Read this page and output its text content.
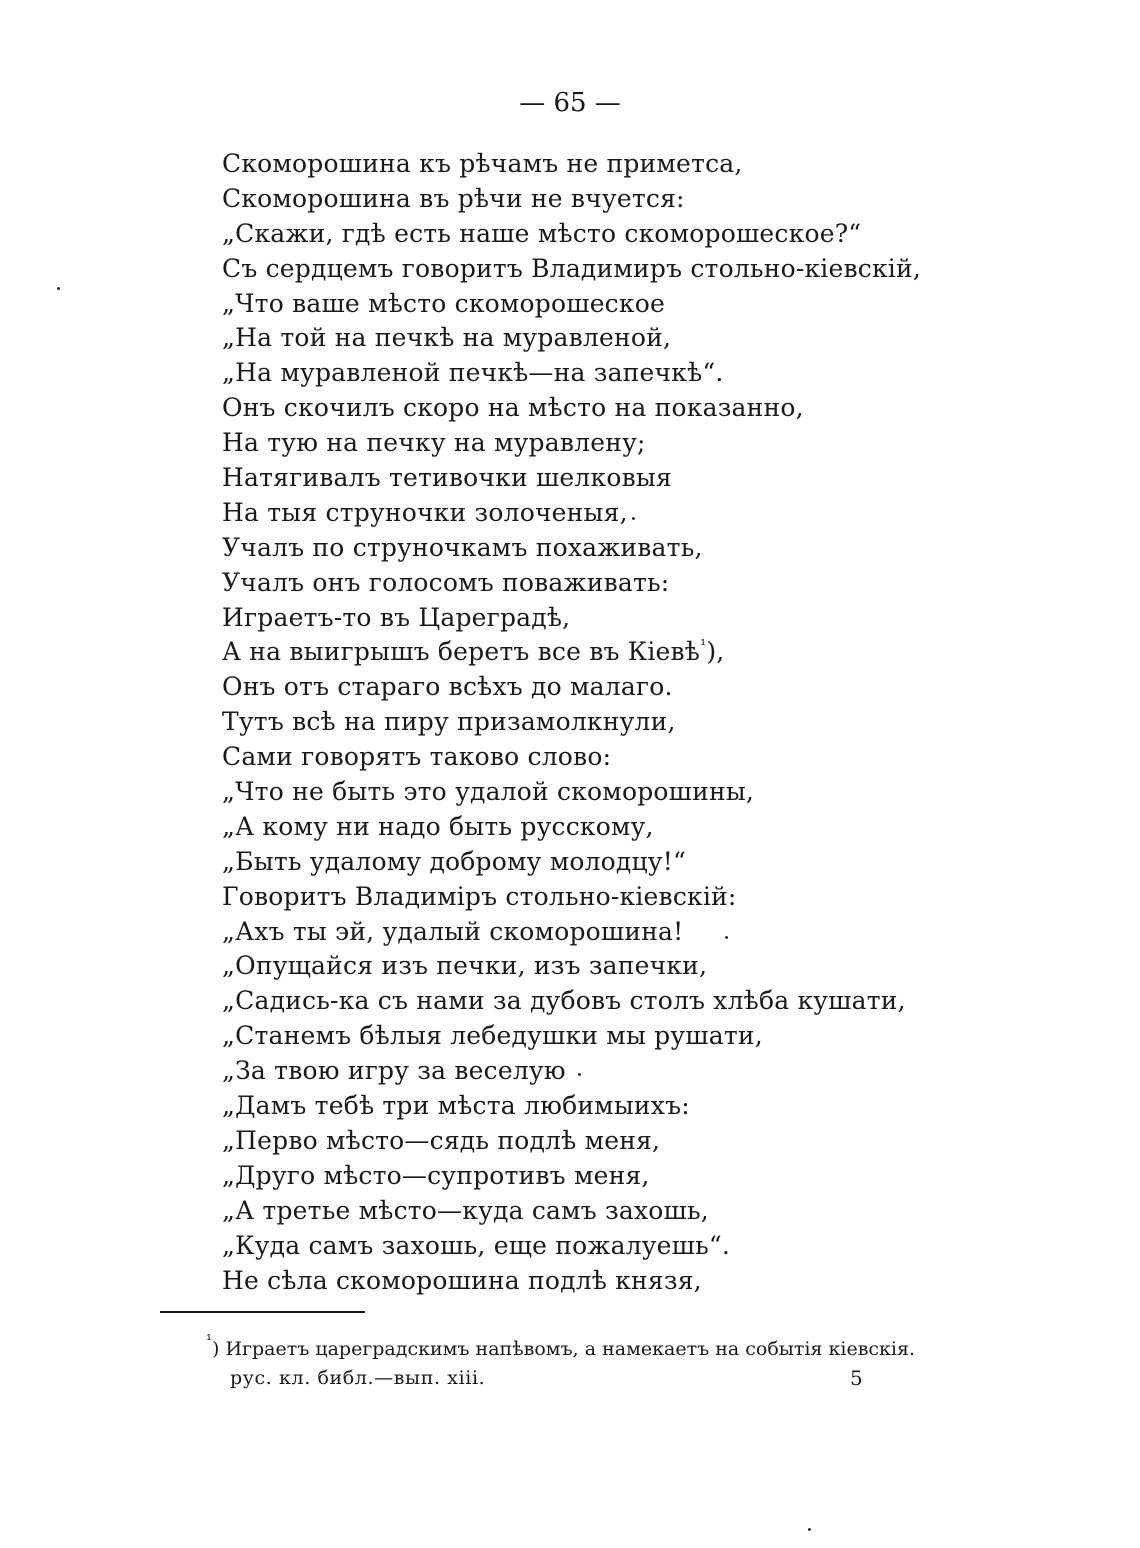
— 65 —
Скоморошина къ рѣчамъ не приметса,
Скоморошина въ рѣчи не вчуется:
„Скажи, гдѣ есть наше мѣсто скоморошеское?“
Съ сердцемъ говоритъ Владимиръ стольно-кіевскій,
„Что ваше мѣсто скоморошеское
„На той на печкѣ на муравленой,
„На муравленой печкѣ—на запечкѣ“.
Онъ скочилъ скоро на мѣсто на показанно,
На тую на печку на муравлену;
Натягивалъ тетивочки шелковыя
На тыя струночки золоченыя,
Учалъ по струночкамъ похаживать,
Учалъ онъ голосомъ поваживать:
Играетъ-то въ Цареградѣ,
А на выигрышъ беретъ все въ Кіевѣ$^{^1}$),
Онъ отъ стараго всѣхъ до малаго.
Тутъ всѣ на пиру призамолкнули,
Сами говорятъ таково слово:
„Что не быть это удалой скоморошины,
„А кому ни надо быть русскому,
„Быть удалому доброму молодцу!“
Говоритъ Владиміръ стольно-кіевскій:
„Ахъ ты эй, удалый скоморошина!
„Опущайся изъ печки, изъ запечки,
„Садись-ка съ нами за дубовъ столъ хлѣба кушати,
„Станемъ бѣлыя лебедушки мы рушати,
„За твою игру за веселую
„Дамъ тебѣ три мѣста любимыихъ:
„Перво мѣсто—сядь подлѣ меня,
„Друго мѣсто—супротивъ меня,
„А третье мѣсто—куда самъ захошь,
„Куда самъ захошь, еще пожалуешь“.
Не сѣла скоморошина подлѣ князя,
$^{^1}$) Играетъ цареградскимъ напѣвомъ, а намекаетъ на событія кіевскія.
рус. кл. библ.—вып. xiii.	5
